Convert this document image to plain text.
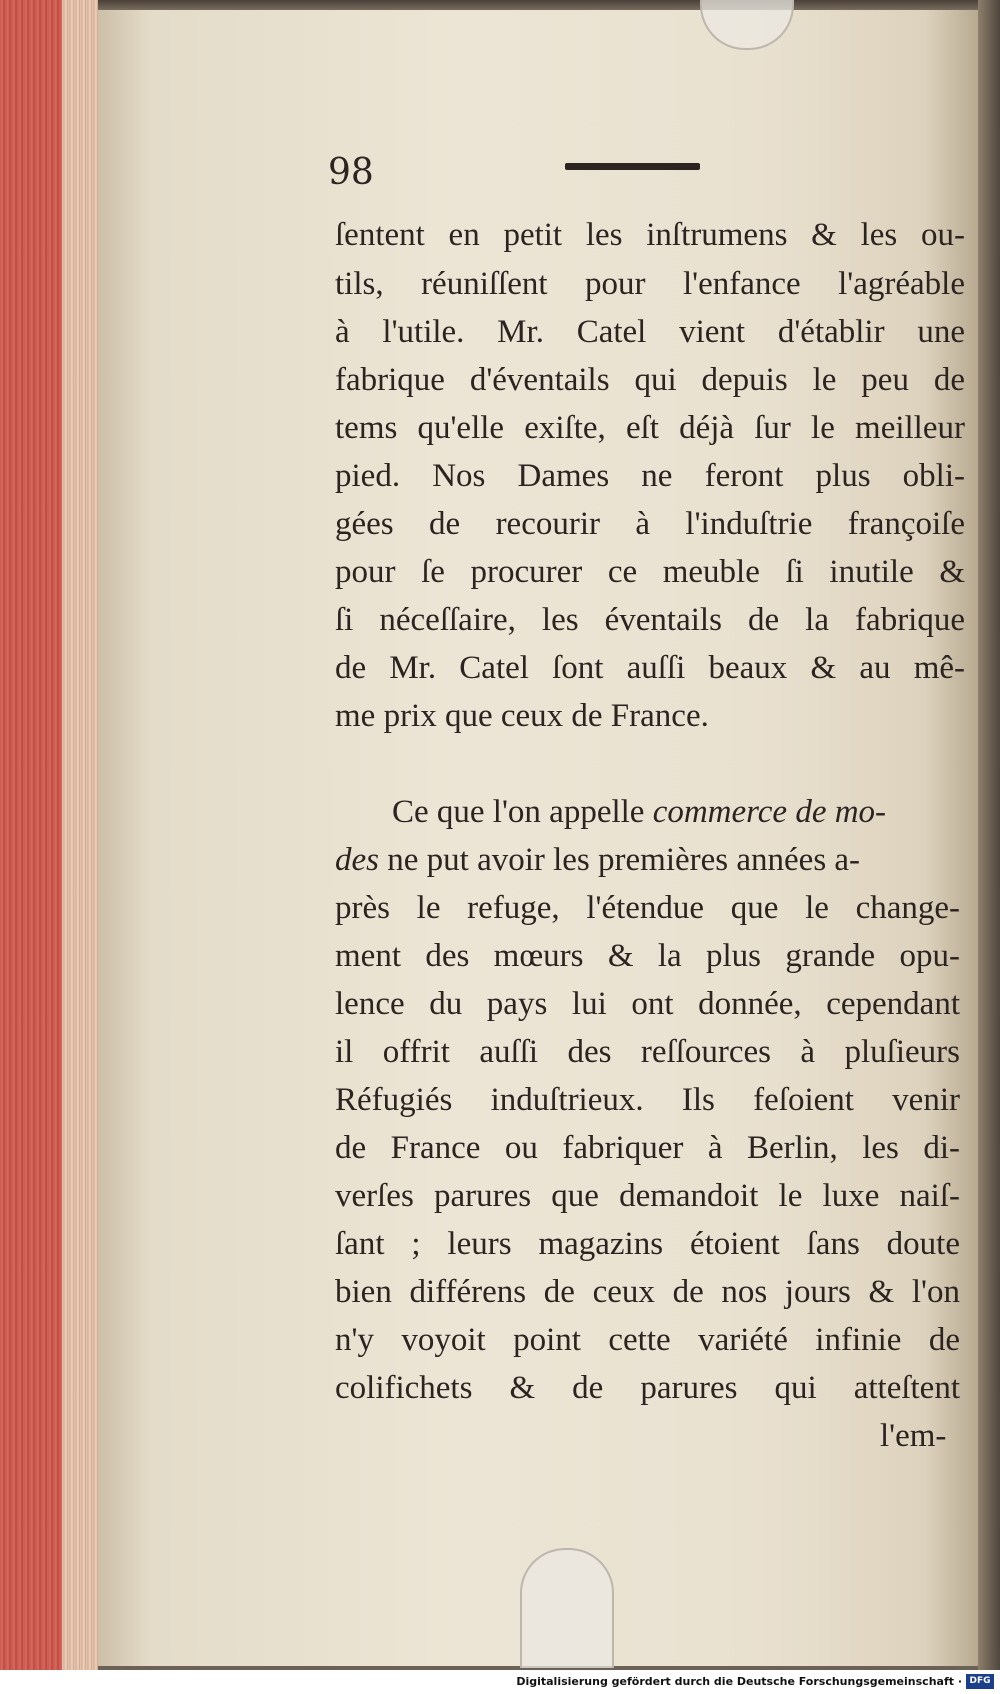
98
ſentent en petit les inſtrumens & les ou-
tils, réuniſſent pour l'enfance l'agréable
à l'utile. Mr. Catel vient d'établir une
fabrique d'éventails qui depuis le peu de
tems qu'elle exiſte, eſt déjà ſur le meilleur
pied. Nos Dames ne feront plus obli-
gées de recourir à l'induſtrie françoiſe
pour ſe procurer ce meuble ſi inutile &
ſi néceſſaire, les éventails de la fabrique
de Mr. Catel ſont auſſi beaux & au mê-
me prix que ceux de France.
Ce que l'on appelle commerce de mo-
des ne put avoir les premières années a-
près le refuge, l'étendue que le change-
ment des mœurs & la plus grande opu-
lence du pays lui ont donnée, cependant
il offrit auſſi des reſſources à pluſieurs
Réfugiés induſtrieux. Ils feſoient venir
de France ou fabriquer à Berlin, les di-
verſes parures que demandoit le luxe naiſ-
ſant ; leurs magazins étoient ſans doute
bien différens de ceux de nos jours & l'on
n'y voyoit point cette variété infinie de
colifichets & de parures qui atteſtent
l'em-
Digitalisierung gefördert durch die Deutsche Forschungsgemeinschaft · DFG
